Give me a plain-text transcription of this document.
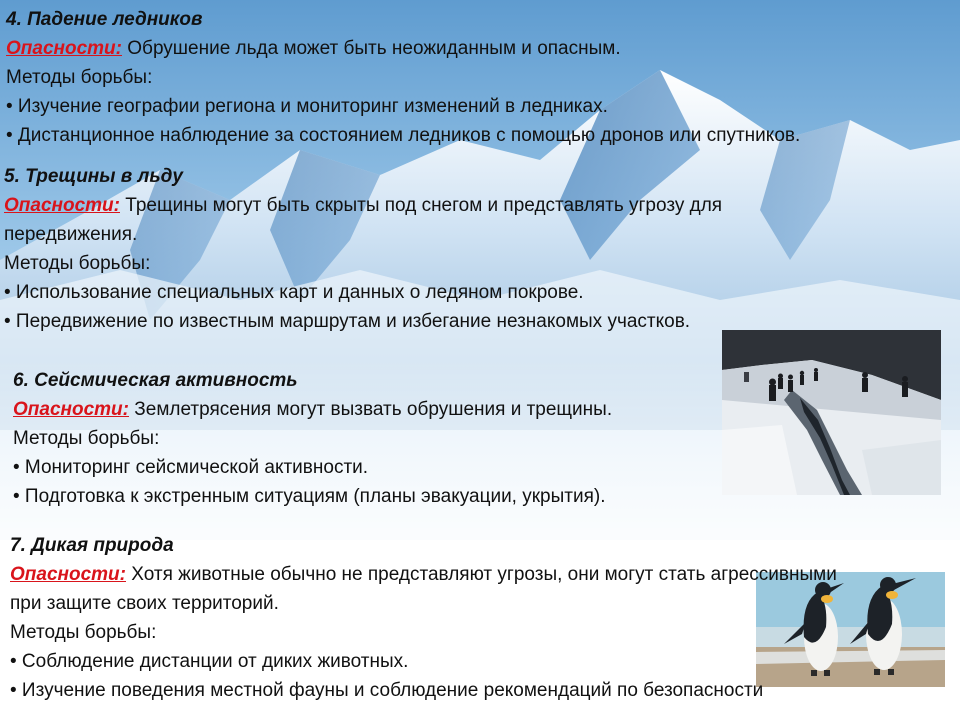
4. Падение ледников
Опасности: Обрушение льда может быть неожиданным и опасным.
Методы борьбы:
• Изучение географии региона и мониторинг изменений в ледниках.
• Дистанционное наблюдение за состоянием ледников с помощью дронов или спутников.
5. Трещины в льду
Опасности: Трещины могут быть скрыты под снегом и представлять угрозу для
передвижения.
Методы борьбы:
• Использование специальных карт и данных о ледяном покрове.
• Передвижение по известным маршрутам и избегание незнакомых участков.
6. Сейсмическая активность
Опасности: Землетрясения могут вызвать обрушения и трещины.
Методы борьбы:
• Мониторинг сейсмической активности.
• Подготовка к экстренным ситуациям (планы эвакуации, укрытия).
7. Дикая природа
Опасности: Хотя животные обычно не представляют угрозы, они могут стать агрессивными
при защите своих территорий.
Методы борьбы:
• Соблюдение дистанции от диких животных.
• Изучение поведения местной фауны и соблюдение рекомендаций по безопасности
